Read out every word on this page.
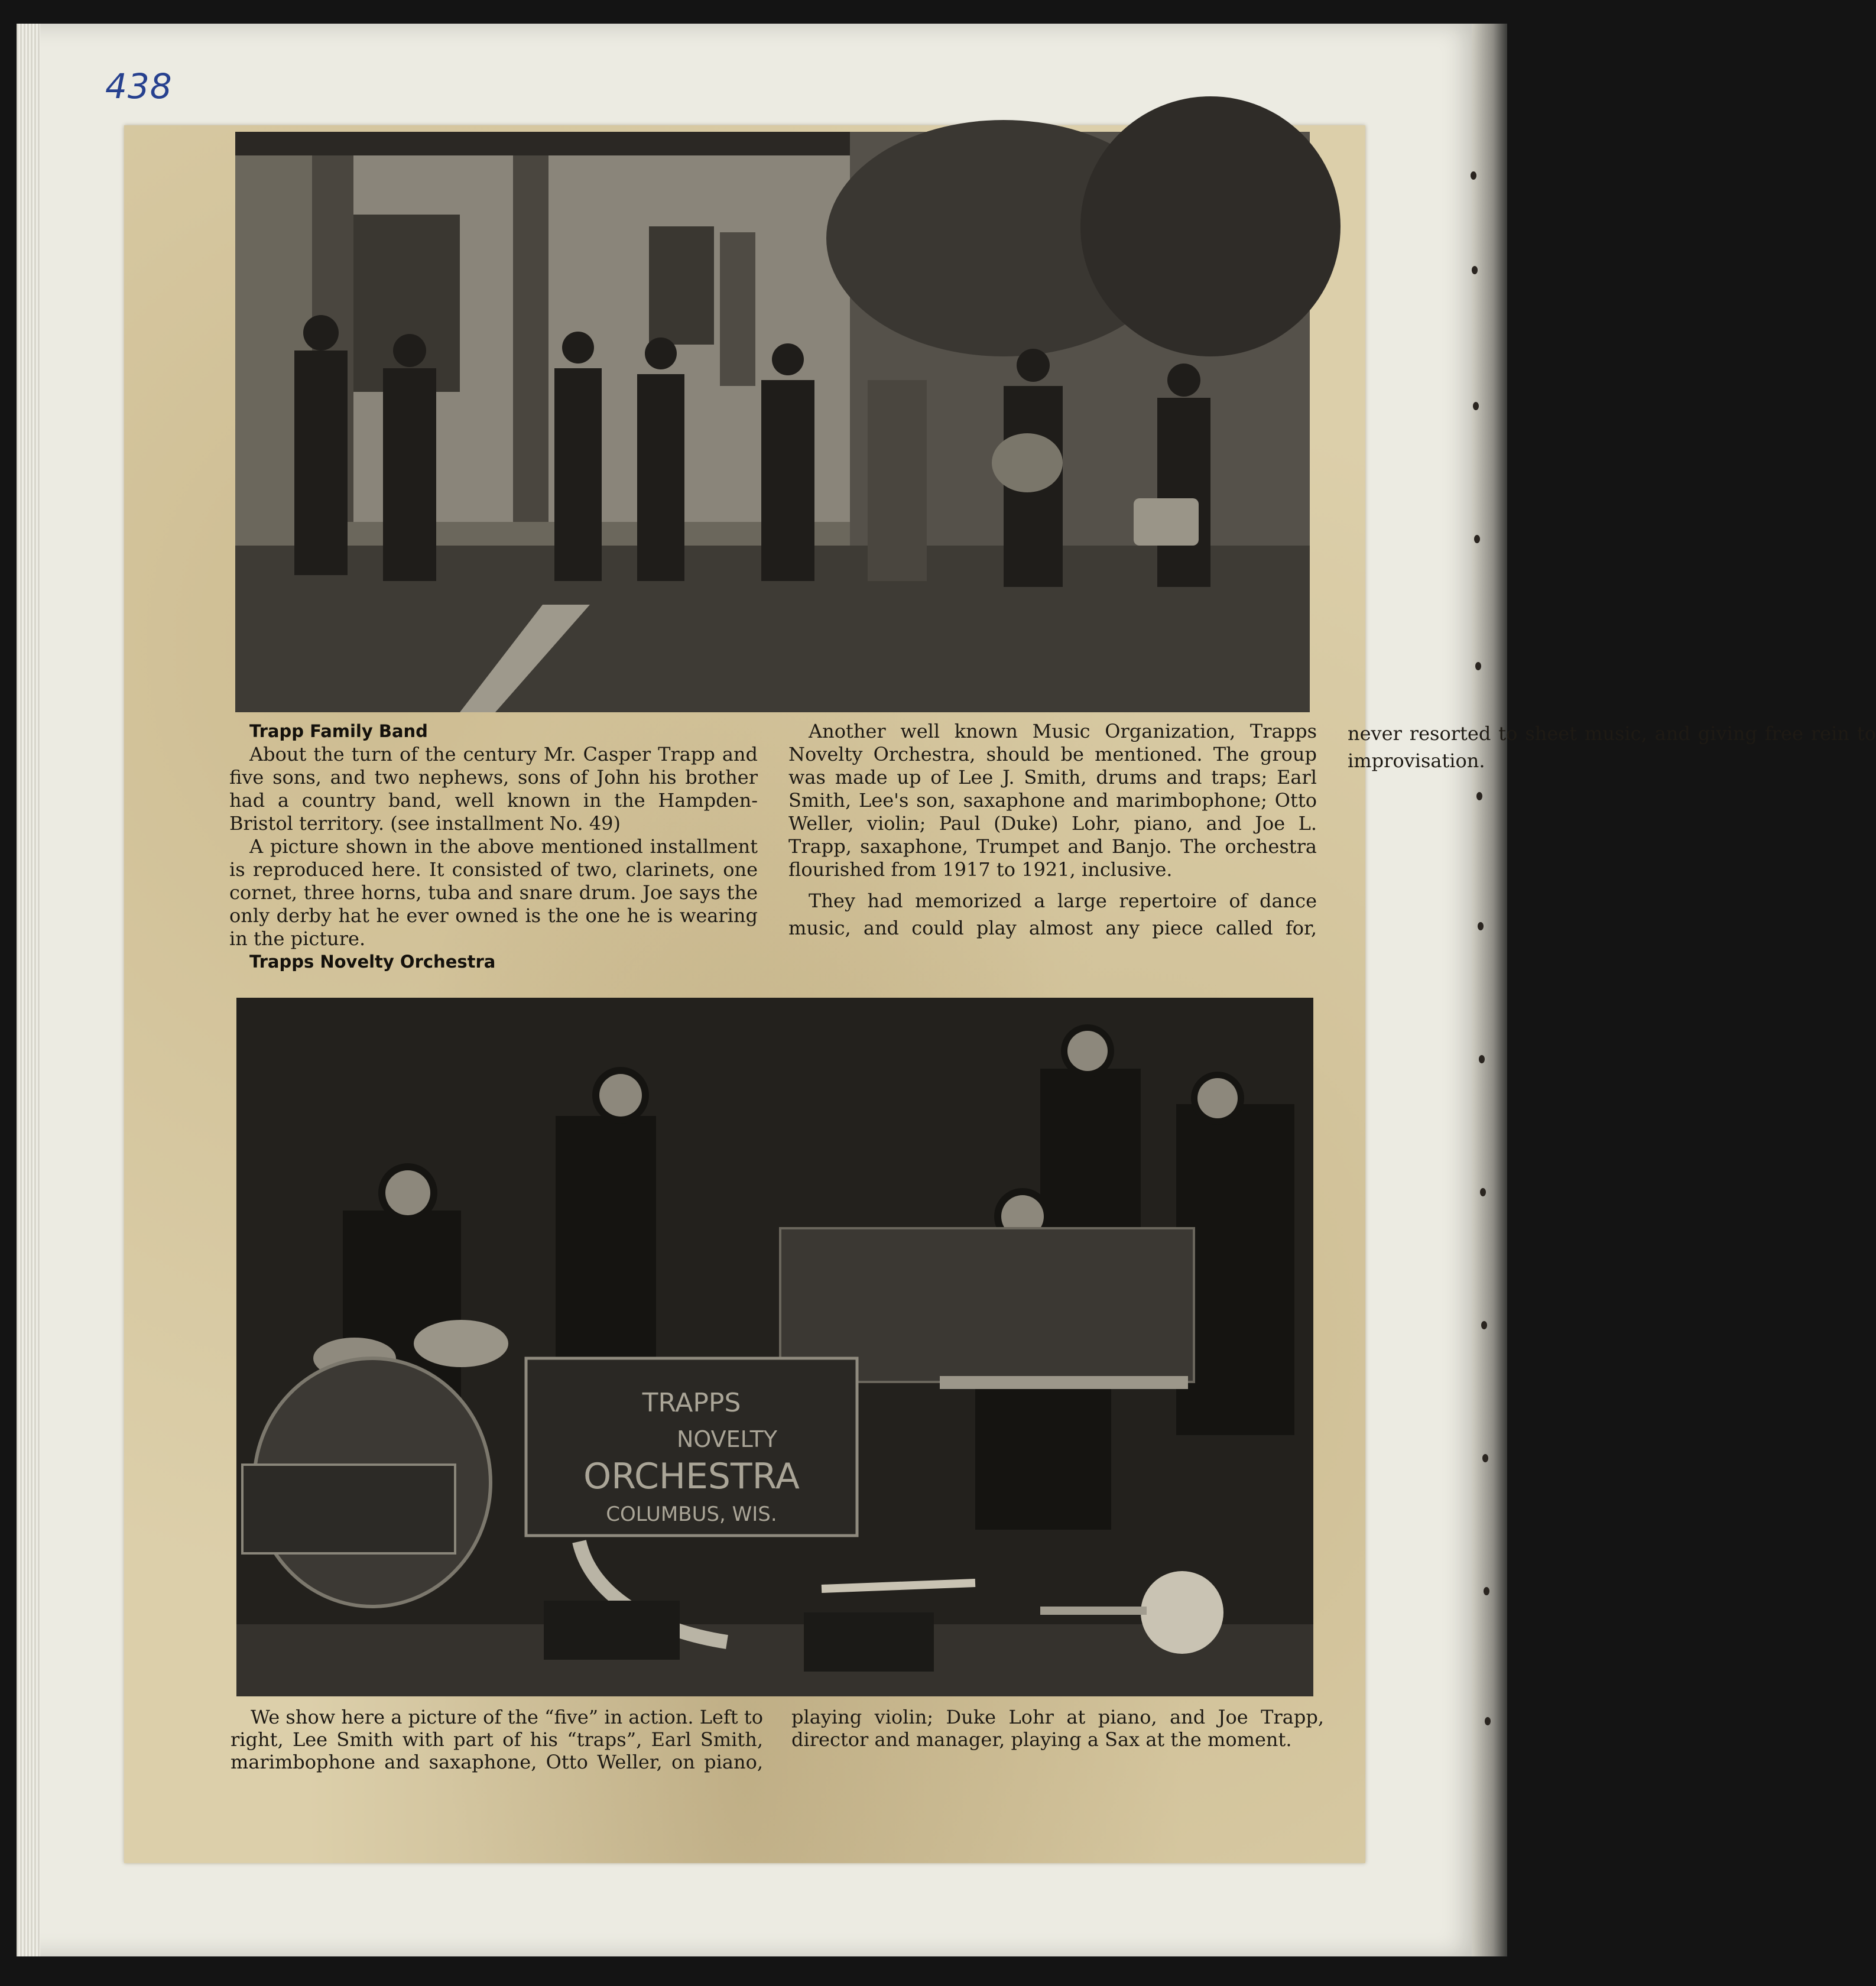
438

Trapp Family Band

About the turn of the century Mr. Casper Trapp and five sons, and two nephews, sons of John his brother had a country band, well known in the Hampden-Bristol territory. (see installment No. 49)

A picture shown in the above mentioned installment is reproduced here. It consisted of two, clarinets, one cornet, three horns, tuba and snare drum. Joe says the only derby hat he ever owned is the one he is wearing in the picture.

Trapps Novelty Orchestra

Another well known Music Organization, Trapps Novelty Orchestra, should be mentioned. The group was made up of Lee J. Smith, drums and traps; Earl Smith, Lee's son, saxaphone and marimbophone; Otto Weller, violin; Paul (Duke) Lohr, piano, and Joe L. Trapp, saxaphone, Trumpet and Banjo. The orchestra flourished from 1917 to 1921, inclusive.

They had memorized a large repertoire of dance music, and could play almost any piece called for, never resorted to sheet music, and giving free rein to improvisation.

TRAPPS
NOVELTY
ORCHESTRA
COLUMBUS, WIS.

We show here a picture of the “five” in action. Left to right, Lee Smith with part of his “traps”, Earl Smith, marimbophone and saxaphone, Otto Weller, on piano, playing violin; Duke Lohr at piano, and Joe Trapp, director and manager, playing a Sax at the moment.
